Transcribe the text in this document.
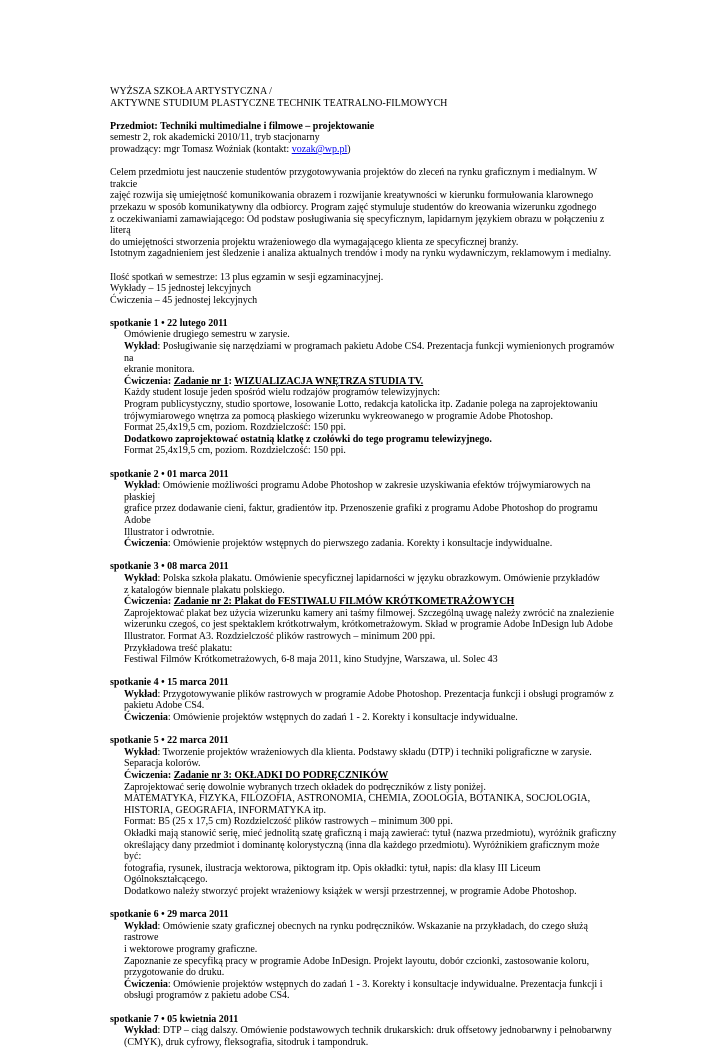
WYŻSZA SZKOŁA ARTYSTYCZNA /

AKTYWNE STUDIUM PLASTYCZNE TECHNIK TEATRALNO-FILMOWYCH

Przedmiot: Techniki multimedialne i filmowe – projektowanie

semestr 2, rok akademicki 2010/11, tryb stacjonarny

prowadzący: mgr Tomasz Woźniak (kontakt: vozak@wp.pl)

Celem przedmiotu jest nauczenie studentów przygotowywania projektów do zleceń na rynku graficznym i medialnym. W trakcie

zajęć rozwija się umiejętność komunikowania obrazem i rozwijanie kreatywności w kierunku formułowania klarownego

przekazu w sposób komunikatywny dla odbiorcy. Program zajęć stymuluje studentów do kreowania wizerunku zgodnego

z oczekiwaniami zamawiającego: Od podstaw posługiwania się specyficznym, lapidarnym językiem obrazu w połączeniu z literą

do umiejętności stworzenia projektu wrażeniowego dla wymagającego klienta ze specyficznej branży.

Istotnym zagadnieniem jest śledzenie i analiza aktualnych trendów i mody na rynku wydawniczym, reklamowym i medialny.

Ilość spotkań w semestrze: 13 plus egzamin w sesji egzaminacyjnej.

Wykłady – 15 jednostej lekcyjnych

Ćwiczenia – 45 jednostej lekcyjnych

spotkanie 1 • 22 lutego 2011

Omówienie drugiego semestru w zarysie.

Wykład: Posługiwanie się narzędziami w programach pakietu Adobe CS4. Prezentacja funkcji wymienionych programów na

ekranie monitora.

Ćwiczenia: Zadanie nr 1: WIZUALIZACJA WNĘTRZA STUDIA TV.

Każdy student losuje jeden spośród wielu rodzajów programów telewizyjnych:

Program publicystyczny, studio sportowe, losowanie Lotto, redakcja katolicka itp. Zadanie polega na zaprojektowaniu

trójwymiarowego wnętrza za pomocą płaskiego wizerunku wykreowanego w programie Adobe Photoshop.

Format 25,4x19,5 cm, poziom. Rozdzielczość: 150 ppi.

Dodatkowo zaprojektować ostatnią klatkę z czołówki do tego programu telewizyjnego.

Format 25,4x19,5 cm, poziom. Rozdzielczość: 150 ppi.

spotkanie 2 • 01 marca 2011

Wykład: Omówienie możliwości programu Adobe Photoshop w zakresie uzyskiwania efektów trójwymiarowych na płaskiej

grafice przez dodawanie cieni, faktur, gradientów itp. Przenoszenie grafiki z programu Adobe Photoshop do programu Adobe

Illustrator i odwrotnie.

Ćwiczenia: Omówienie projektów wstępnych do pierwszego zadania. Korekty i konsultacje indywidualne.

spotkanie 3 • 08 marca 2011

Wykład: Polska szkoła plakatu. Omówienie specyficznej lapidarności w języku obrazkowym. Omówienie przykładów

z katalogów biennale plakatu polskiego.

Ćwiczenia: Zadanie nr 2: Plakat do FESTIWALU FILMÓW KRÓTKOMETRAŻOWYCH

Zaprojektować plakat bez użycia wizerunku kamery ani taśmy filmowej. Szczególną uwagę należy zwrócić na znalezienie

wizerunku czegoś, co jest spektaklem krótkotrwałym, krótkometrażowym. Skład w programie Adobe InDesign lub Adobe

Illustrator. Format A3. Rozdzielczość plików rastrowych – minimum 200 ppi.

Przykładowa treść plakatu:

Festiwal Filmów Krótkometrażowych, 6-8 maja 2011, kino Studyjne, Warszawa, ul. Solec 43

spotkanie 4 • 15 marca 2011

Wykład: Przygotowywanie plików rastrowych w programie Adobe Photoshop. Prezentacja funkcji i obsługi programów z

pakietu Adobe CS4.

Ćwiczenia: Omówienie projektów wstępnych do zadań 1 - 2. Korekty i konsultacje indywidualne.

spotkanie 5 • 22 marca 2011

Wykład: Tworzenie projektów wrażeniowych dla klienta. Podstawy składu (DTP) i techniki poligraficzne w zarysie.

Separacja kolorów.

Ćwiczenia: Zadanie nr 3: OKŁADKI DO PODRĘCZNIKÓW

Zaprojektować serię dowolnie wybranych trzech okładek do podręczników z listy poniżej.

MATEMATYKA, FIZYKA, FILOZOFIA, ASTRONOMIA, CHEMIA, ZOOLOGIA, BOTANIKA, SOCJOLOGIA,

HISTORIA, GEOGRAFIA, INFORMATYKA itp.

Format: B5 (25 x 17,5 cm) Rozdzielczość plików rastrowych – minimum 300 ppi.

Okładki mają stanowić serię, mieć jednolitą szatę graficzną i mają zawierać: tytuł (nazwa przedmiotu), wyróżnik graficzny

określający dany przedmiot i dominantę kolorystyczną (inna dla każdego przedmiotu). Wyróżnikiem graficznym może być:

fotografia, rysunek, ilustracja wektorowa, piktogram itp. Opis okładki: tytuł, napis: dla klasy III Liceum Ogólnokształcącego.

Dodatkowo należy stworzyć projekt wrażeniowy książek w wersji przestrzennej, w programie Adobe Photoshop.

spotkanie 6 • 29 marca 2011

Wykład: Omówienie szaty graficznej obecnych na rynku podręczników. Wskazanie na przykładach, do czego służą rastrowe

i wektorowe programy graficzne.

Zapoznanie ze specyfiką pracy w programie Adobe InDesign. Projekt layoutu, dobór czcionki, zastosowanie koloru,

przygotowanie do druku.

Ćwiczenia: Omówienie projektów wstępnych do zadań 1 - 3. Korekty i konsultacje indywidualne. Prezentacja funkcji i

obsługi programów z pakietu adobe CS4.

spotkanie 7 • 05 kwietnia 2011

Wykład: DTP – ciąg dalszy. Omówienie podstawowych technik drukarskich: druk offsetowy jednobarwny i pełnobarwny

(CMYK), druk cyfrowy, fleksografia, sitodruk i tampondruk.
